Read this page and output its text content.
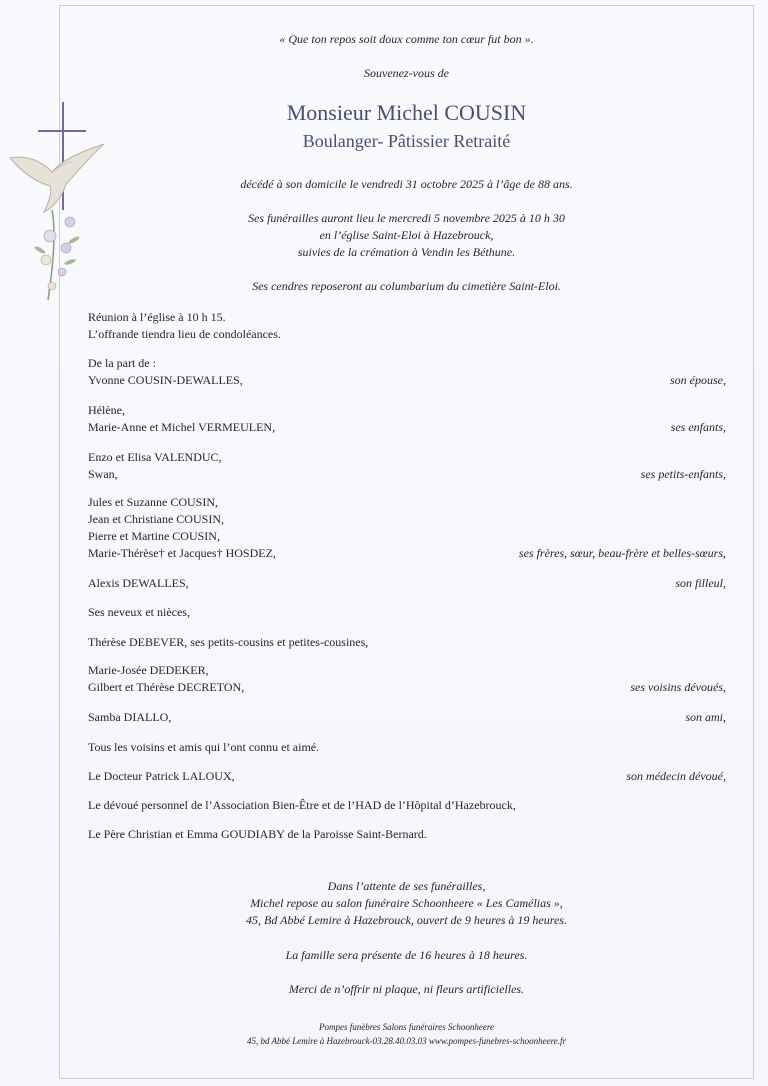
« Que ton repos soit doux comme ton cœur fut bon ».
Souvenez-vous de
Monsieur Michel COUSIN
Boulanger- Pâtissier Retraité
décédé à son domicile le vendredi 31 octobre 2025 à l’âge de 88 ans.
Ses funérailles auront lieu le mercredi 5 novembre 2025 à 10 h 30
en l’église Saint-Eloi à Hazebrouck,
suivies de la crémation à Vendin les Béthune.
Ses cendres reposeront au columbarium du cimetière Saint-Eloi.
Réunion à l’église à 10 h 15.
L’offrande tiendra lieu de condoléances.
De la part de :
Yvonne COUSIN-DEWALLES,	son épouse,
Hélène,
Marie-Anne et Michel VERMEULEN,	ses enfants,
Enzo et Elisa VALENDUC,
Swan,	ses petits-enfants,
Jules et Suzanne COUSIN,
Jean et Christiane COUSIN,
Pierre et Martine COUSIN,
Marie-Thérèse† et Jacques† HOSDEZ,	ses frères, sœur, beau-frère et belles-sœurs,
Alexis DEWALLES,	son filleul,
Ses neveux et nièces,
Thérèse DEBEVER, ses petits-cousins et petites-cousines,
Marie-Josée DEDEKER,
Gilbert et Thérèse DECRETON,	ses voisins dévoués,
Samba DIALLO,	son ami,
Tous les voisins et amis qui l’ont connu et aimé.
Le Docteur Patrick LALOUX,	son médecin dévoué,
Le dévoué personnel de l’Association Bien-Être et de l’HAD de l’Hôpital d’Hazebrouck,
Le Père Christian et Emma GOUDIABY de la Paroisse Saint-Bernard.
Dans l’attente de ses funérailles,
Michel repose au salon funéraire Schoonheere « Les Camélias »,
45, Bd Abbé Lemire à Hazebrouck, ouvert de 9 heures à 19 heures.
La famille sera présente de 16 heures à 18 heures.
Merci de n’offrir ni plaque, ni fleurs artificielles.
Pompes funèbres Salons funéraires Schoonheere
45, bd Abbé Lemire à Hazebrouck-03.28.40.03.03 www.pompes-funebres-schoonheere.fr
